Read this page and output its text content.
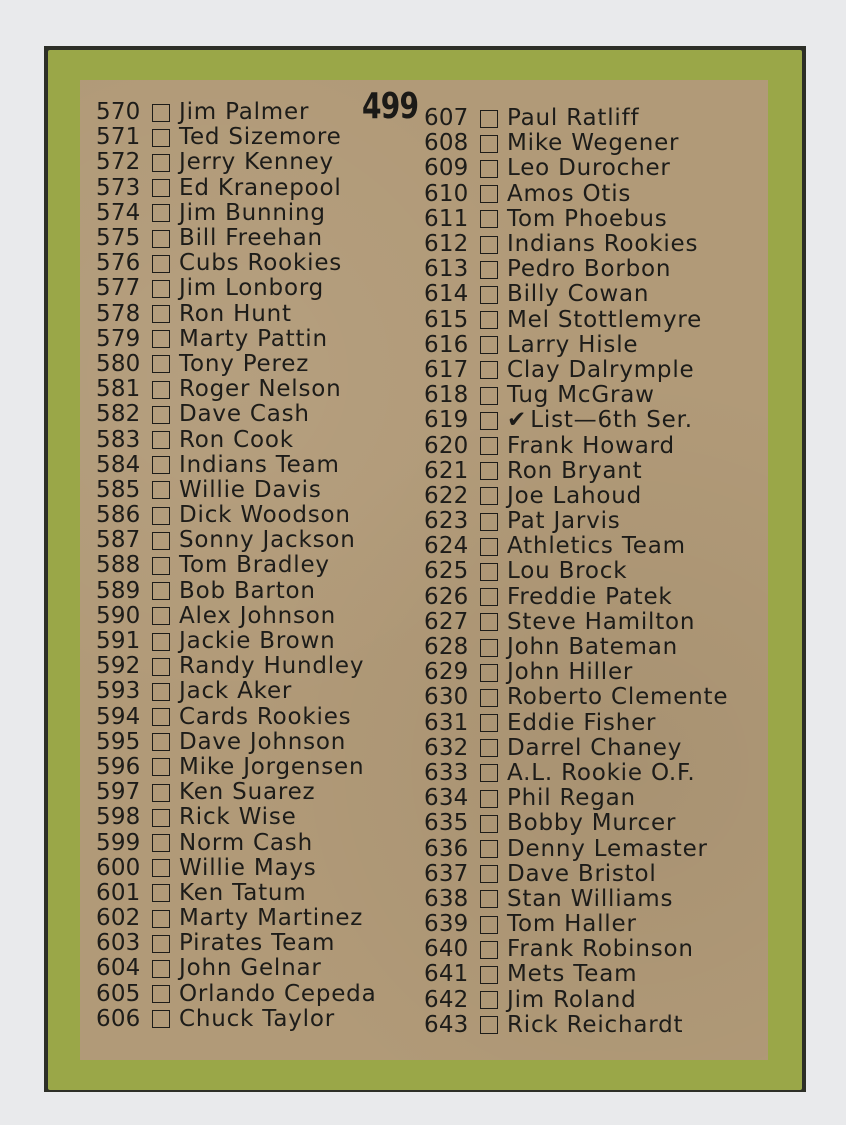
499
570	Jim Palmer
571	Ted Sizemore
572	Jerry Kenney
573	Ed Kranepool
574	Jim Bunning
575	Bill Freehan
576	Cubs Rookies
577	Jim Lonborg
578	Ron Hunt
579	Marty Pattin
580	Tony Perez
581	Roger Nelson
582	Dave Cash
583	Ron Cook
584	Indians Team
585	Willie Davis
586	Dick Woodson
587	Sonny Jackson
588	Tom Bradley
589	Bob Barton
590	Alex Johnson
591	Jackie Brown
592	Randy Hundley
593	Jack Aker
594	Cards Rookies
595	Dave Johnson
596	Mike Jorgensen
597	Ken Suarez
598	Rick Wise
599	Norm Cash
600	Willie Mays
601	Ken Tatum
602	Marty Martinez
603	Pirates Team
604	John Gelnar
605	Orlando Cepeda
606	Chuck Taylor
607	Paul Ratliff
608	Mike Wegener
609	Leo Durocher
610	Amos Otis
611	Tom Phoebus
612	Indians Rookies
613	Pedro Borbon
614	Billy Cowan
615	Mel Stottlemyre
616	Larry Hisle
617	Clay Dalrymple
618	Tug McGraw
619	✔ List—6th Ser.
620	Frank Howard
621	Ron Bryant
622	Joe Lahoud
623	Pat Jarvis
624	Athletics Team
625	Lou Brock
626	Freddie Patek
627	Steve Hamilton
628	John Bateman
629	John Hiller
630	Roberto Clemente
631	Eddie Fisher
632	Darrel Chaney
633	A.L. Rookie O.F.
634	Phil Regan
635	Bobby Murcer
636	Denny Lemaster
637	Dave Bristol
638	Stan Williams
639	Tom Haller
640	Frank Robinson
641	Mets Team
642	Jim Roland
643	Rick Reichardt
